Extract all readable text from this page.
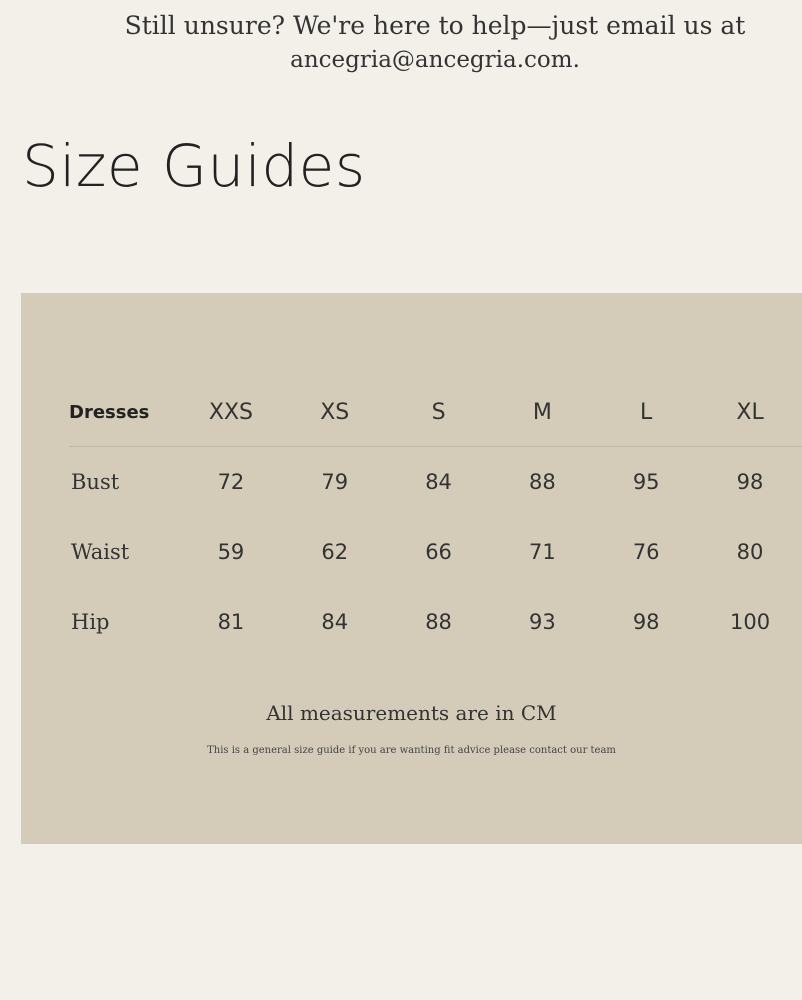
Still unsure? We're here to help—just email us at
ancegria@ancegria.com.
Size Guides
Dresses	XXS	XS	S	M	L	XL
Bust	72	79	84	88	95	98
Waist	59	62	66	71	76	80
Hip	81	84	88	93	98	100
All measurements are in CM
This is a general size guide if you are wanting fit advice please contact our team
